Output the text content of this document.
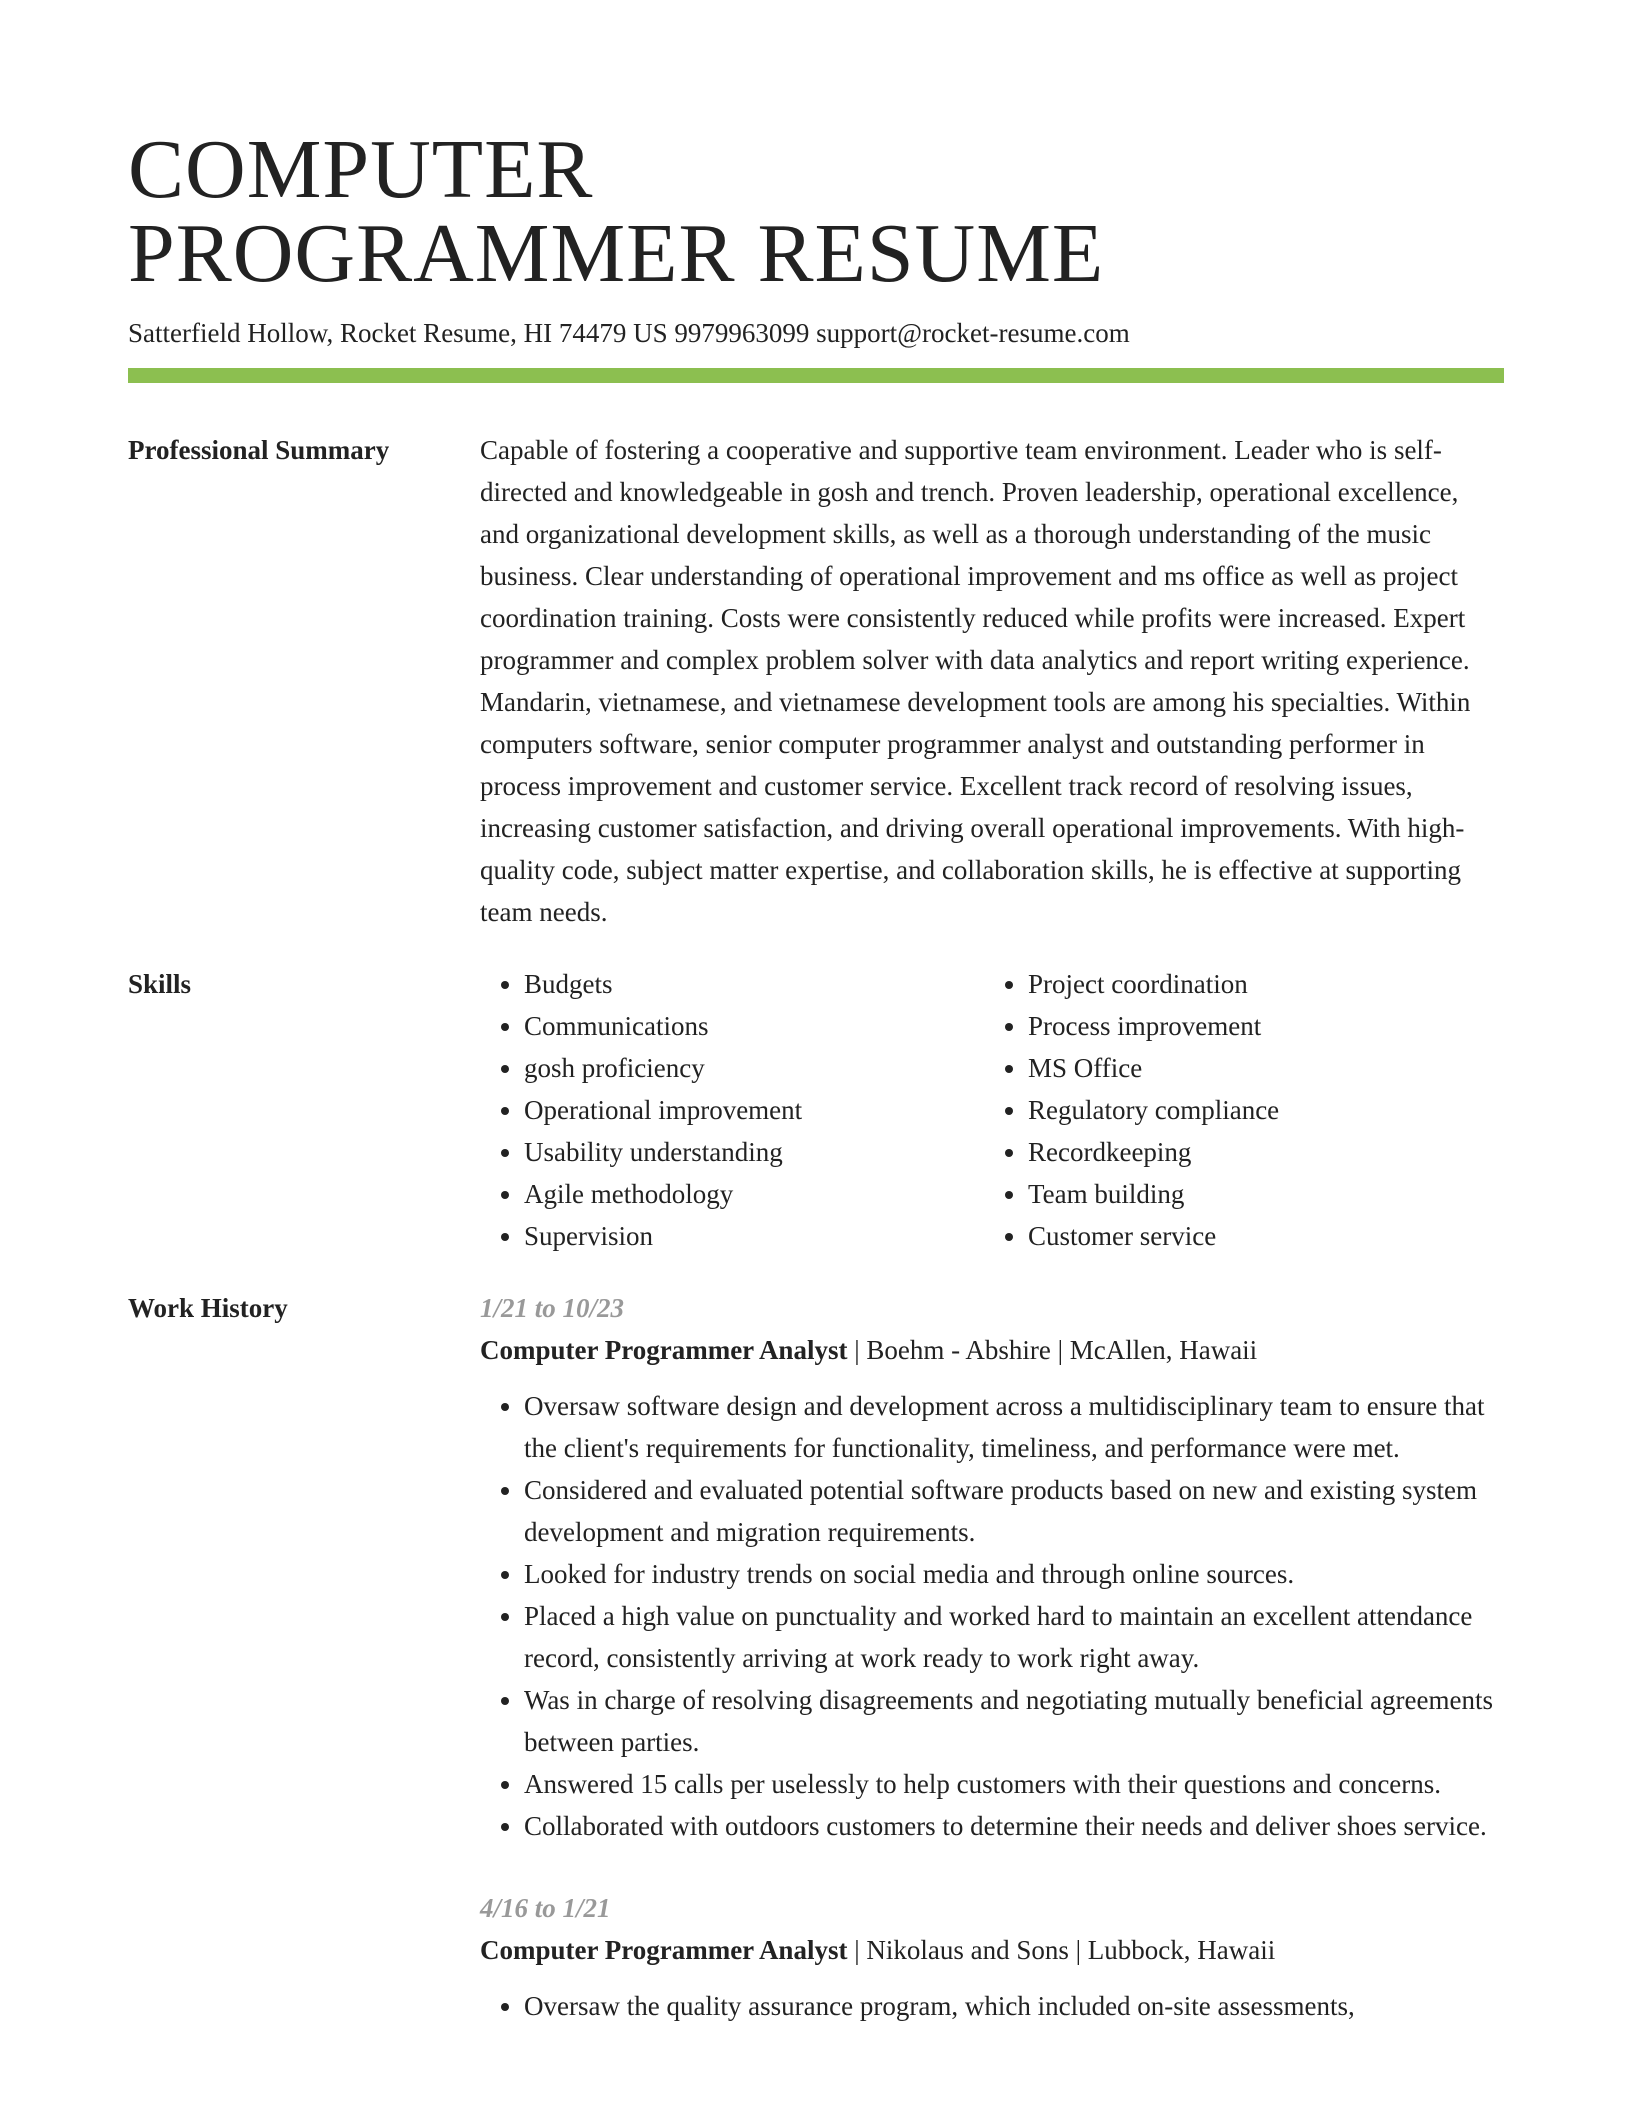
COMPUTER
PROGRAMMER RESUME
Satterfield Hollow, Rocket Resume, HI 74479 US 9979963099 support@rocket-resume.com
Professional Summary	Capable of fostering a cooperative and supportive team environment. Leader who is self-directed and knowledgeable in gosh and trench. Proven leadership, operational excellence, and organizational development skills, as well as a thorough understanding of the music business. Clear understanding of operational improvement and ms office as well as project coordination training. Costs were consistently reduced while profits were increased. Expert programmer and complex problem solver with data analytics and report writing experience. Mandarin, vietnamese, and vietnamese development tools are among his specialties. Within computers software, senior computer programmer analyst and outstanding performer in process improvement and customer service. Excellent track record of resolving issues, increasing customer satisfaction, and driving overall operational improvements. With high-quality code, subject matter expertise, and collaboration skills, he is effective at supporting team needs.

Skills
•	Budgets
• Communications
• gosh proficiency
• Operational improvement
• Usability understanding
• Agile methodology
• Supervision
• Project coordination
• Process improvement
• MS Office
• Regulatory compliance
• Recordkeeping
• Team building
• Customer service
Work History	1/21 to 10/23
Computer Programmer Analyst | Boehm - Abshire | McAllen, Hawaii
• Oversaw software design and development across a multidisciplinary team to ensure that the client's requirements for functionality, timeliness, and performance were met.
• Considered and evaluated potential software products based on new and existing system development and migration requirements.
• Looked for industry trends on social media and through online sources.
• Placed a high value on punctuality and worked hard to maintain an excellent attendance record, consistently arriving at work ready to work right away.
• Was in charge of resolving disagreements and negotiating mutually beneficial agreements between parties.
• Answered 15 calls per uselessly to help customers with their questions and concerns.
• Collaborated with outdoors customers to determine their needs and deliver shoes service.
4/16 to 1/21
Computer Programmer Analyst | Nikolaus and Sons | Lubbock, Hawaii
• Oversaw the quality assurance program, which included on-site assessments,
